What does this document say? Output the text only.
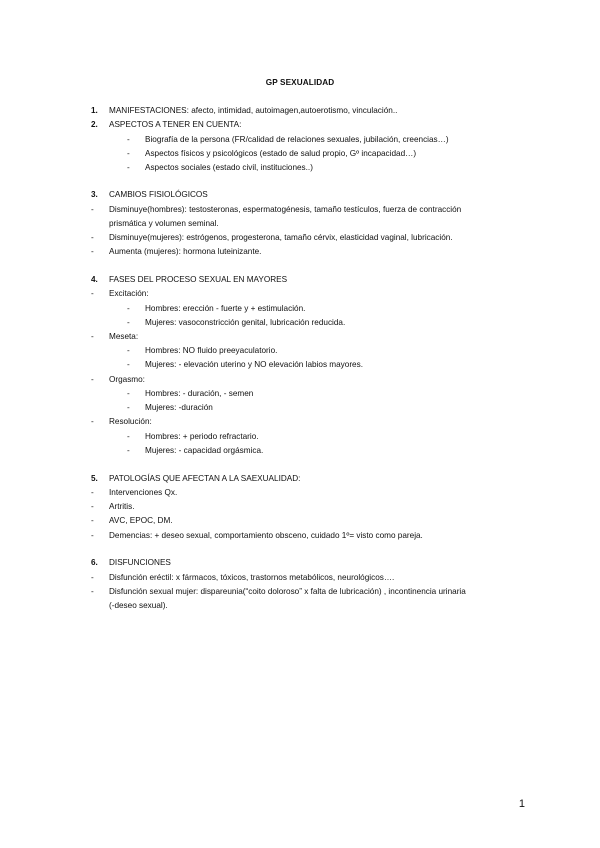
GP SEXUALIDAD
1. MANIFESTACIONES: afecto, intimidad, autoimagen,autoerotismo, vinculación..
2. ASPECTOS A TENER EN CUENTA:
- Biografía de la persona (FR/calidad de relaciones sexuales, jubilación, creencias…)
- Aspectos físicos y psicológicos (estado de salud propio, Gº incapacidad…)
- Aspectos sociales (estado civil, instituciones..)
3. CAMBIOS FISIOLÓGICOS
- Disminuye(hombres): testosteronas, espermatogénesis, tamaño testículos, fuerza de contracción
prismática y volumen seminal.
- Disminuye(mujeres): estrógenos, progesterona, tamaño cérvix, elasticidad vaginal, lubricación.
- Aumenta (mujeres): hormona luteinizante.
4. FASES DEL PROCESO SEXUAL EN MAYORES
- Excitación:
- Hombres: erección - fuerte y + estimulación.
- Mujeres: vasoconstricción genital, lubricación reducida.
- Meseta:
- Hombres: NO fluido preeyaculatorio.
- Mujeres: - elevación uterino y NO elevación labios mayores.
- Orgasmo:
- Hombres: - duración, - semen
- Mujeres: -duración
- Resolución:
- Hombres: + periodo refractario.
- Mujeres: - capacidad orgásmica.
5. PATOLOGÍAS QUE AFECTAN A LA SAEXUALIDAD:
- Intervenciones Qx.
- Artritis.
- AVC, EPOC, DM.
- Demencias: + deseo sexual, comportamiento obsceno, cuidado 1º= visto como pareja.
6. DISFUNCIONES
- Disfunción eréctil: x fármacos, tóxicos, trastornos metabólicos, neurológicos….
- Disfunción sexual mujer: dispareunia(“coito doloroso” x falta de lubricación) , incontinencia urinaria
(-deseo sexual).
1
